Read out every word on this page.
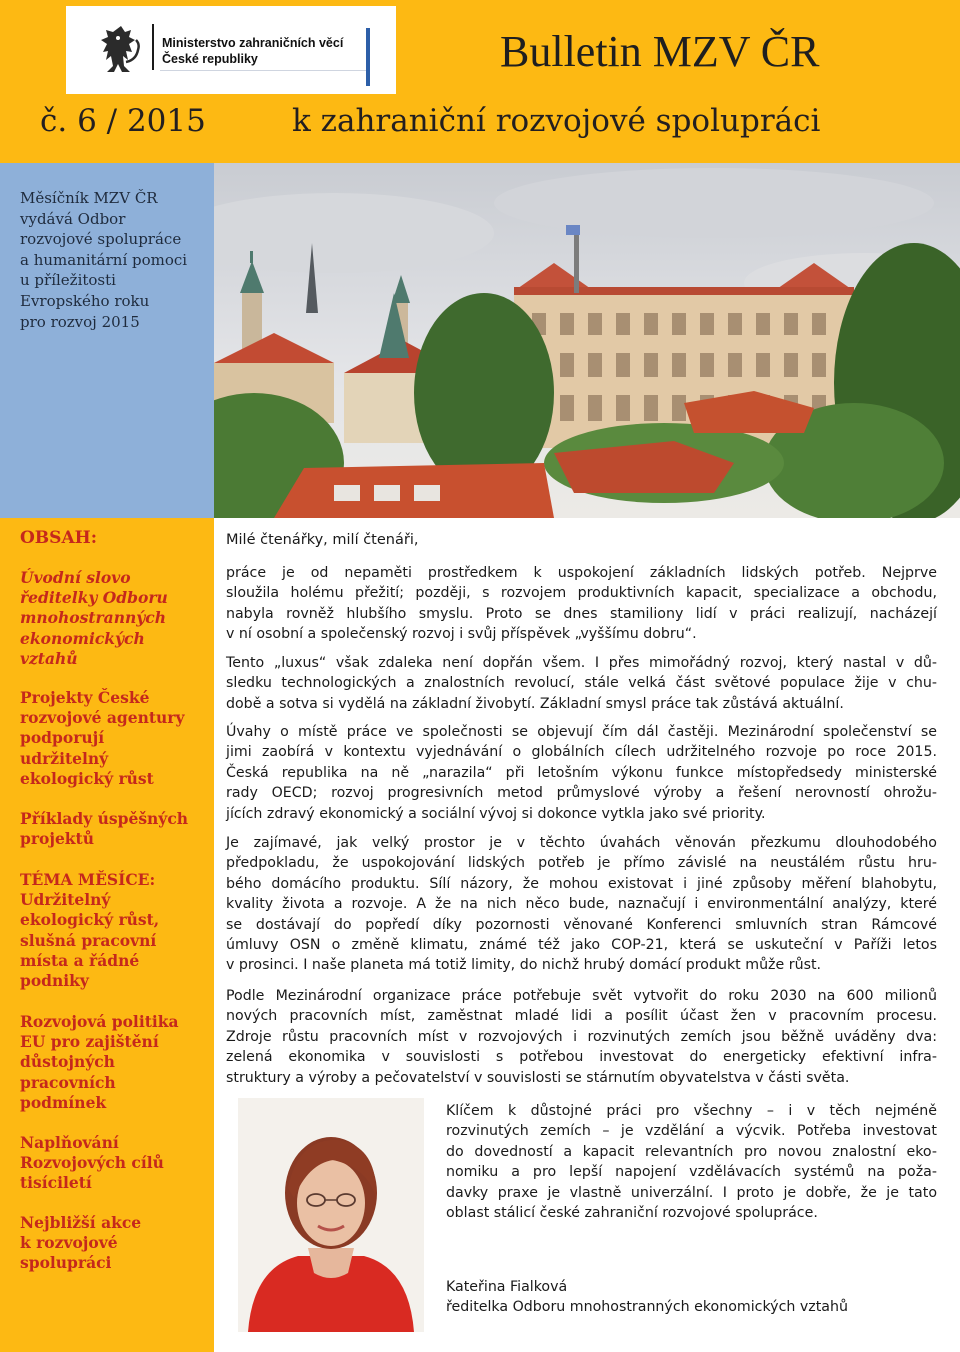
Ministerstvo zahraničních věcí
České republiky	Bulletin MZV ČR
č. 6 / 2015	k zahraniční rozvojové spolupráci
Měsíčník MZV ČR
vydává Odbor
rozvojové spolupráce
a humanitární pomoci
u příležitosti
Evropského roku
pro rozvoj 2015
OBSAH:
Úvodní slovo
ředitelky Odboru
mnohostranných
ekonomických
vztahů
Projekty České
rozvojové agentury
podporují
udržitelný
ekologický růst
Příklady úspěšných
projektů
TÉMA MĚSÍCE:
Udržitelný
ekologický růst,
slušná pracovní
místa a řádné
podniky
Rozvojová politika
EU pro zajištění
důstojných
pracovních
podmínek
Naplňování
Rozvojových cílů
tisíciletí
Nejbližší akce
k rozvojové
spolupráci
Milé čtenářky, milí čtenáři,
práce je od nepaměti prostředkem k uspokojení základních lidských potřeb. Nejprve
sloužila holému přežití; později, s rozvojem produktivních kapacit, specializace a obchodu,
nabyla rovněž hlubšího smyslu. Proto se dnes stamiliony lidí v práci realizují, nacházejí
v ní osobní a společenský rozvoj i svůj příspěvek „vyššímu dobru“.
Tento „luxus“ však zdaleka není dopřán všem. I přes mimořádný rozvoj, který nastal v dů-
sledku technologických a znalostních revolucí, stále velká část světové populace žije v chu-
době a sotva si vydělá na základní živobytí. Základní smysl práce tak zůstává aktuální.
Úvahy o místě práce ve společnosti se objevují čím dál častěji. Mezinárodní společenství se
jimi zaobírá v kontextu vyjednávání o globálních cílech udržitelného rozvoje po roce 2015.
Česká republika na ně „narazila“ při letošním výkonu funkce místopředsedy ministerské
rady OECD; rozvoj progresivních metod průmyslové výroby a řešení nerovností ohrožu-
jících zdravý ekonomický a sociální vývoj si dokonce vytkla jako své priority.
Je zajímavé, jak velký prostor je v těchto úvahách věnován přezkumu dlouhodobého
předpokladu, že uspokojování lidských potřeb je přímo závislé na neustálém růstu hru-
bého domácího produktu. Sílí názory, že mohou existovat i jiné způsoby měření blahobytu,
kvality života a rozvoje. A že na nich něco bude, naznačují i environmentální analýzy, které
se dostávají do popředí díky pozornosti věnované Konferenci smluvních stran Rámcové
úmluvy OSN o změně klimatu, známé též jako COP-21, která se uskuteční v Paříži letos
v prosinci. I naše planeta má totiž limity, do nichž hrubý domácí produkt může růst.
Podle Mezinárodní organizace práce potřebuje svět vytvořit do roku 2030 na 600 milionů
nových pracovních míst, zaměstnat mladé lidi a posílit účast žen v pracovním procesu.
Zdroje růstu pracovních míst v rozvojových i rozvinutých zemích jsou běžně uváděny dva:
zelená ekonomika v souvislosti s potřebou investovat do energeticky efektivní infra-
struktury a výroby a pečovatelství v souvislosti se stárnutím obyvatelstva v části světa.
Klíčem k důstojné práci pro všechny – i v těch nejméně
rozvinutých zemích – je vzdělání a výcvik. Potřeba investovat
do dovedností a kapacit relevantních pro novou znalostní eko-
nomiku a pro lepší napojení vzdělávacích systémů na poža-
davky praxe je vlastně univerzální. I proto je dobře, že je tato
oblast stálicí české zahraniční rozvojové spolupráce.
Kateřina Fialková
ředitelka Odboru mnohostranných ekonomických vztahů
